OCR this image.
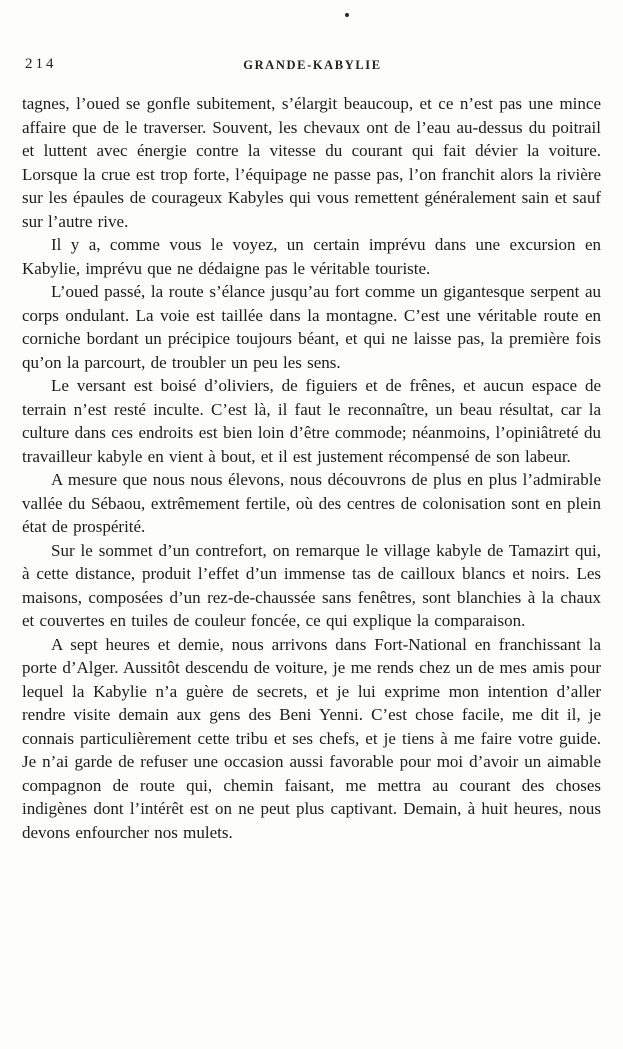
214	GRANDE-KABYLIE

tagnes, l’oued se gonfle subitement, s’élargit beaucoup, et ce n’est pas une mince affaire que de le traverser. Souvent, les chevaux ont de l’eau au-dessus du poitrail et luttent avec énergie contre la vitesse du courant qui fait dévier la voiture. Lorsque la crue est trop forte, l’équipage ne passe pas, l’on franchit alors la rivière sur les épaules de courageux Kabyles qui vous remettent généralement sain et sauf sur l’autre rive.

Il y a, comme vous le voyez, un certain imprévu dans une excursion en Kabylie, imprévu que ne dédaigne pas le véritable touriste.

L’oued passé, la route s’élance jusqu’au fort comme un gigantesque serpent au corps ondulant. La voie est taillée dans la montagne. C’est une véritable route en corniche bordant un précipice toujours béant, et qui ne laisse pas, la première fois qu’on la parcourt, de troubler un peu les sens.

Le versant est boisé d’oliviers, de figuiers et de frênes, et aucun espace de terrain n’est resté inculte. C’est là, il faut le reconnaître, un beau résultat, car la culture dans ces endroits est bien loin d’être commode; néanmoins, l’opiniâtreté du travailleur kabyle en vient à bout, et il est justement récompensé de son labeur.

A mesure que nous nous élevons, nous découvrons de plus en plus l’admirable vallée du Sébaou, extrêmement fertile, où des centres de colonisation sont en plein état de prospérité.

Sur le sommet d’un contrefort, on remarque le village kabyle de Tamazirt qui, à cette distance, produit l’effet d’un immense tas de cailloux blancs et noirs. Les maisons, composées d’un rez-de-chaussée sans fenêtres, sont blanchies à la chaux et couvertes en tuiles de couleur foncée, ce qui explique la comparaison.

A sept heures et demie, nous arrivons dans Fort-National en franchissant la porte d’Alger. Aussitôt descendu de voiture, je me rends chez un de mes amis pour lequel la Kabylie n’a guère de secrets, et je lui exprime mon intention d’aller rendre visite demain aux gens des Beni Yenni. C’est chose facile, me dit il, je connais particulièrement cette tribu et ses chefs, et je tiens à me faire votre guide. Je n’ai garde de refuser une occasion aussi favorable pour moi d’avoir un aimable compagnon de route qui, chemin faisant, me mettra au courant des choses indigènes dont l’intérêt est on ne peut plus captivant. Demain, à huit heures, nous devons enfourcher nos mulets.
